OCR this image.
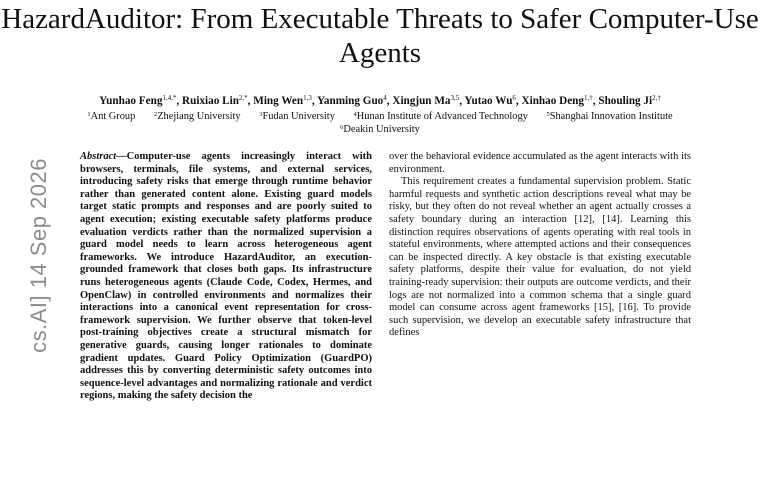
HazardAuditor: From Executable Threats to Safer Computer-Use Agents
Yunhao Feng$^{1,4,*}$, Ruixiao Lin$^{2,*}$, Ming Wen$^{1,3}$, Yanming Guo$^4$, Xingjun Ma$^{3,5}$, Yutao Wu$^6$, Xinhao Deng$^{1,\dagger}$, Shouling $Ji^{2,\dagger}$
$^1$Ant Group	$^2$Zhejiang University	$^3$Fudan University	$^4$Hunan Institute of Advanced Technology	$^5$Shanghai Innovation Institute
$^6$Deakin University
cs.AI] 14 Sep 2026

Abstract—Computer-use agents increasingly interact with browsers, terminals, file systems, and external services, introducing safety risks that emerge through runtime behavior rather than generated content alone. Existing guard models target static prompts and responses and are poorly suited to agent execution; existing executable safety platforms produce evaluation verdicts rather than the normalized supervision a guard model needs to learn across heterogeneous agent frameworks. We introduce HazardAuditor, an execution-grounded framework that closes both gaps. Its infrastructure runs heterogeneous agents (Claude Code, Codex, Hermes, and OpenClaw) in controlled environments and normalizes their interactions into a canonical event representation for cross-framework supervision. We further observe that token-level post-training objectives create a structural mismatch for generative guards, causing longer rationales to dominate gradient updates. Guard Policy Optimization (GuardPO) addresses this by converting deterministic safety outcomes into sequence-level advantages and normalizing rationale and verdict regions, making the safety decision the

over the behavioral evidence accumulated as the agent interacts with its environment.

This requirement creates a fundamental supervision problem. Static harmful requests and synthetic action descriptions reveal what may be risky, but they often do not reveal whether an agent actually crosses a safety boundary during an interaction [12], [14]. Learning this distinction requires observations of agents operating with real tools in stateful environments, where attempted actions and their consequences can be inspected directly. A key obstacle is that existing executable safety platforms, despite their value for evaluation, do not yield training-ready supervision: their outputs are outcome verdicts, and their logs are not normalized into a common schema that a single guard model can consume across agent frameworks [15], [16]. To provide such supervision, we develop an executable safety infrastructure that defines
